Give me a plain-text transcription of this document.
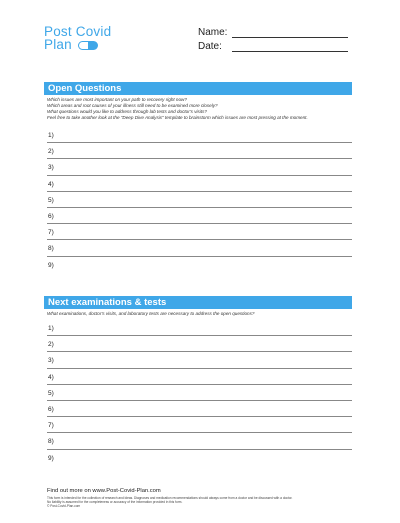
Post Covid
Plan
Name:
Date:
Open Questions
Which issues are most important on your path to recovery right now?
Which areas and root causes of your illness still need to be examined more closely?
What questions would you like to address through lab tests and doctor's visits?
Feel free to take another look at the "Deep Dive Analysis" template to brainstorm which issues are most pressing at the moment.
1)
2)
3)
4)
5)
6)
7)
8)
9)
Next examinations & tests
What examinations, doctor's visits, and laboratory tests are necessary to address the open questions?
1)
2)
3)
4)
5)
6)
7)
8)
9)
Find out more on www.Post-Covid-Plan.com
This form is intended for the collection of research and ideas. Diagnoses and medication recommendations should always come from a doctor and be discussed with a doctor.
No liability is assumed for the completeness or accuracy of the information provided in this form.
© Post-Covid-Plan.com
